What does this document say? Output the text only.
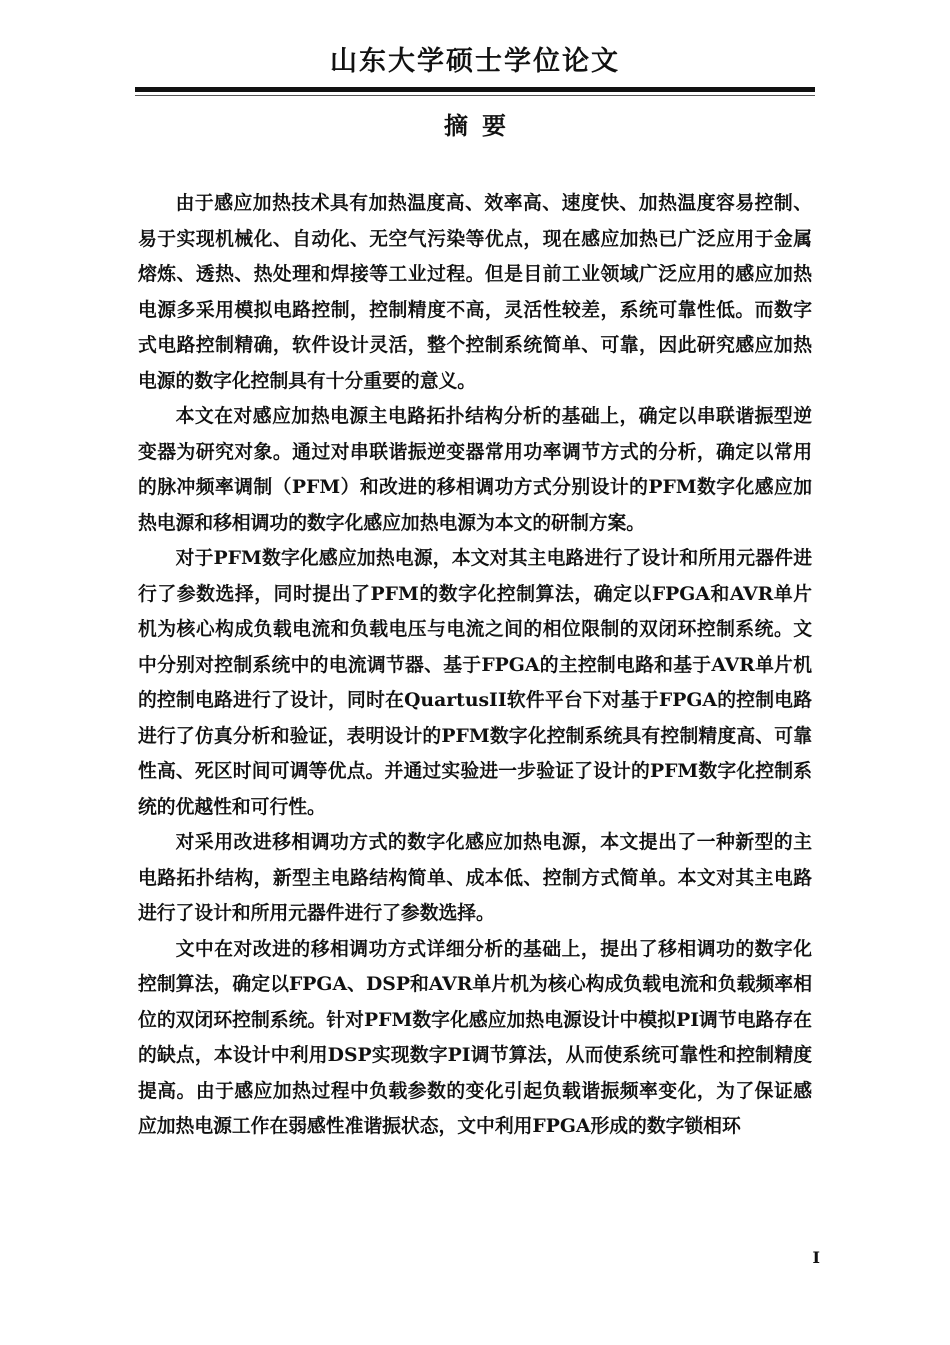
山东大学硕士学位论文
摘要

由于感应加热技术具有加热温度高、效率高、速度快、加热温度容易控制、易于实现机械化、自动化、无空气污染等优点，现在感应加热已广泛应用于金属熔炼、透热、热处理和焊接等工业过程。但是目前工业领域广泛应用的感应加热电源多采用模拟电路控制，控制精度不高，灵活性较差，系统可靠性低。而数字式电路控制精确，软件设计灵活，整个控制系统简单、可靠，因此研究感应加热电源的数字化控制具有十分重要的意义。

本文在对感应加热电源主电路拓扑结构分析的基础上，确定以串联谐振型逆变器为研究对象。通过对串联谐振逆变器常用功率调节方式的分析，确定以常用的脉冲频率调制（PFM）和改进的移相调功方式分别设计的PFM数字化感应加热电源和移相调功的数字化感应加热电源为本文的研制方案。

对于PFM数字化感应加热电源，本文对其主电路进行了设计和所用元器件进行了参数选择，同时提出了PFM的数字化控制算法，确定以FPGA和AVR单片机为核心构成负载电流和负载电压与电流之间的相位限制的双闭环控制系统。文中分别对控制系统中的电流调节器、基于FPGA的主控制电路和基于AVR单片机的控制电路进行了设计，同时在QuartusII软件平台下对基于FPGA的控制电路进行了仿真分析和验证，表明设计的PFM数字化控制系统具有控制精度高、可靠性高、死区时间可调等优点。并通过实验进一步验证了设计的PFM数字化控制系统的优越性和可行性。

对采用改进移相调功方式的数字化感应加热电源，本文提出了一种新型的主电路拓扑结构，新型主电路结构简单、成本低、控制方式简单。本文对其主电路进行了设计和所用元器件进行了参数选择。

文中在对改进的移相调功方式详细分析的基础上，提出了移相调功的数字化控制算法，确定以FPGA、DSP和AVR单片机为核心构成负载电流和负载频率相位的双闭环控制系统。针对PFM数字化感应加热电源设计中模拟PI调节电路存在的缺点，本设计中利用DSP实现数字PI调节算法，从而使系统可靠性和控制精度提高。由于感应加热过程中负载参数的变化引起负载谐振频率变化，为了保证感应加热电源工作在弱感性准谐振状态，文中利用FPGA形成的数字锁相环

I
